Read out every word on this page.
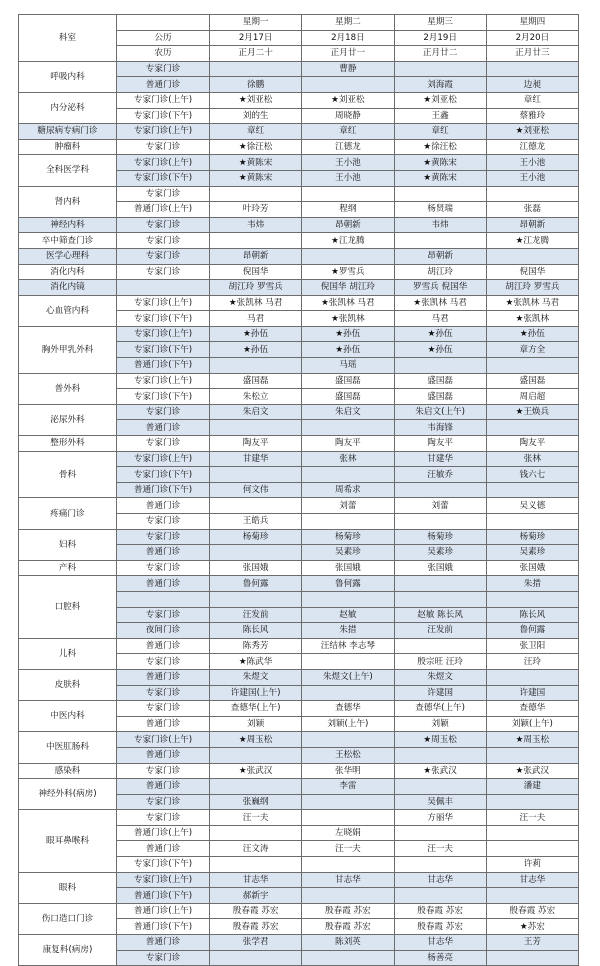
科室		星期一	星期二	星期三	星期四
	公历	2月17日	2月18日	2月19日	2月20日
	农历	正月二十	正月廿一	正月廿二	正月廿三
呼吸内科	专家门诊		曹静		
	普通门诊	徐鹏		刘海霞	边昶
内分泌科	专家门诊(上午)	★刘亚松	★刘亚松	★刘亚松	章红
	专家门诊(下午)	刘的生	周晓静	王鑫	蔡雅玲
糖尿病专病门诊	专家门诊(上午)	章红	章红	章红	★刘亚松
肿瘤科	专家门诊	★徐汪松	江德龙	★徐汪松	江德龙
全科医学科	专家门诊(上午)	★黄陈宋	王小池	★黄陈宋	王小池
	专家门诊(下午)	★黄陈宋	王小池	★黄陈宋	王小池
肾内科	专家门诊				
	普通门诊(上午)	叶玲芳	程纲	杨贤瑞	张磊
神经内科	专家门诊	韦炜	昂朝新	韦炜	昂朝新
卒中筛查门诊	专家门诊		★江龙腾		★江龙腾
医学心理科	专家门诊	昂朝新		昂朝新	
消化内科	专家门诊	倪国华	★罗雪兵	胡江玲	倪国华
消化内镜		胡江玲 罗雪兵	倪国华 胡江玲	罗雪兵 倪国华	胡江玲 罗雪兵
心血管内科	专家门诊(上午)	★张凯林 马君	★张凯林 马君	★张凯林 马君	★张凯林 马君
	专家门诊(下午)	马君	★张凯林	马君	★张凯林
胸外甲乳外科	专家门诊(上午)	★孙伍	★孙伍	★孙伍	★孙伍
	专家门诊(下午)	★孙伍	★孙伍	★孙伍	章方全
	普通门诊(下午)		马瑶		
普外科	专家门诊(上午)	盛国磊	盛国磊	盛国磊	盛国磊
	专家门诊(下午)	朱松立	盛国磊	盛国磊	周启超
泌尿外科	专家门诊	朱启文	朱启文	朱启文(上午)	★王焕兵
	普通门诊			韦海锋	
整形外科	专家门诊	陶友平	陶友平	陶友平	陶友平
骨科	专家门诊(上午)	甘建华	张林	甘建华	张林
	专家门诊(下午)			汪敏乔	钱六七
	普通门诊(下午)	何文伟	周希求		
疼痛门诊	普通门诊		刘蕾	刘蕾	吴义德
	专家门诊	王皓兵			
妇科	专家门诊	杨菊珍	杨菊珍	杨菊珍	杨菊珍
	普通门诊		吴素珍	吴素珍	吴素珍
产科	专家门诊	张国娥	张国娥	张国娥	张国娥
口腔科	普通门诊	鲁何露	鲁何露		朱措

	专家门诊	汪发前	赵敏	赵敏 陈长风	陈长风
	夜间门诊	陈长风	朱措	汪发前	鲁何露
儿科	普通门诊	陈秀芳	汪结林 李志琴		张卫阳
	专家门诊	★陈武华		殷宗旺 汪玲	汪玲
皮肤科	普通门诊	朱煜文	朱煜文(上午)	朱煜文	
	专家门诊	许建国(上午)		许建国	许建国
中医内科	专家门诊	查德华(上午)	查德华	查德华(上午)	查德华
	普通门诊	刘颖	刘颖(上午)	刘颖	刘颖(上午)
中医肛肠科	专家门诊(上午)	★周玉松		★周玉松	★周玉松
	普通门诊		王松松		
感染科	专家门诊	★张武汉	张华明	★张武汉	★张武汉
神经外科(病房)	普通门诊		李雷		潘建
	专家门诊	张巍纲		吴佩丰	
眼耳鼻喉科	专家门诊	汪一夫		方丽华	汪一夫
	普通门诊(上午)		左晓娟		
	普通门诊	汪文涛	汪一夫	汪一夫	
	专家门诊(下午)				许莉
眼科	专家门诊(上午)	甘志华	甘志华	甘志华	甘志华
	普通门诊(下午)	郝新宇			
伤口造口门诊	普通门诊(上午)	殷春霞 苏宏	殷春霞 苏宏	殷春霞 苏宏	殷春霞 苏宏
	普通门诊(下午)	殷春霞 苏宏	殷春霞 苏宏	殷春霞 苏宏	★苏宏
康复科(病房)	普通门诊	张学君	陈刘英	甘志华	王芳
	专家门诊			杨善亮	
